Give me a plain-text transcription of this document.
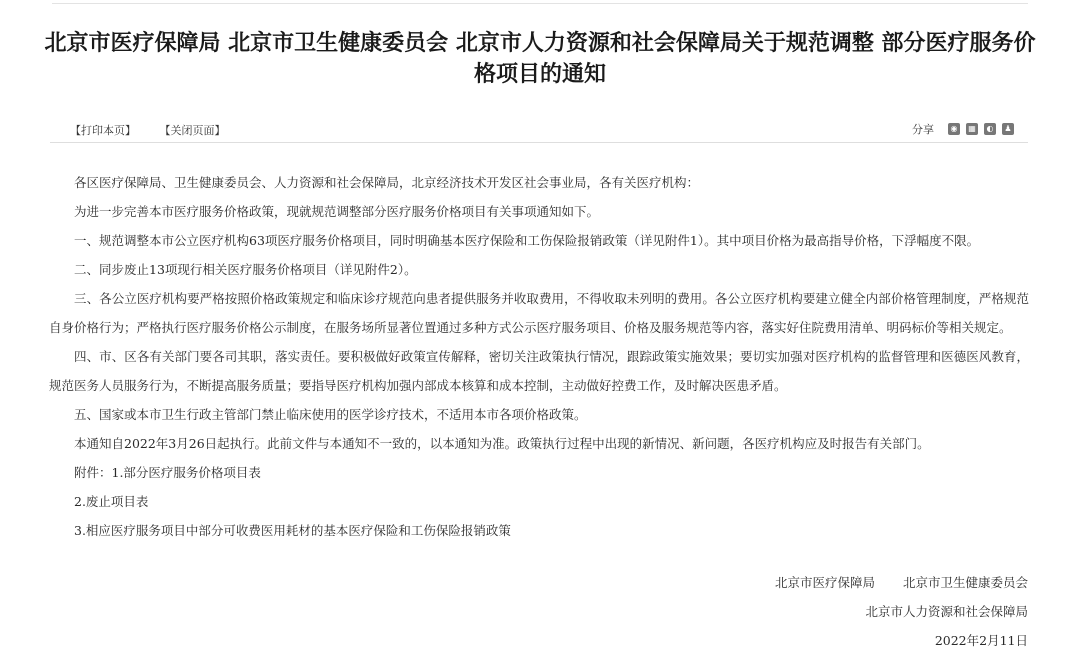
北京市医疗保障局 北京市卫生健康委员会 北京市人力资源和社会保障局关于规范调整 部分医疗服务价格项目的通知
【打印本页】 【关闭页面】	分享	◉	▦	◐	♟

各区医疗保障局、卫生健康委员会、人力资源和社会保障局，北京经济技术开发区社会事业局，各有关医疗机构：

为进一步完善本市医疗服务价格政策，现就规范调整部分医疗服务价格项目有关事项通知如下。

一、规范调整本市公立医疗机构63项医疗服务价格项目，同时明确基本医疗保险和工伤保险报销政策（详见附件1）。其中项目价格为最高指导价格，下浮幅度不限。

二、同步废止13项现行相关医疗服务价格项目（详见附件2）。

三、各公立医疗机构要严格按照价格政策规定和临床诊疗规范向患者提供服务并收取费用，不得收取未列明的费用。各公立医疗机构要建立健全内部价格管理制度，严格规范自身价格行为；严格执行医疗服务价格公示制度，在服务场所显著位置通过多种方式公示医疗服务项目、价格及服务规范等内容，落实好住院费用清单、明码标价等相关规定。

四、市、区各有关部门要各司其职，落实责任。要积极做好政策宣传解释，密切关注政策执行情况，跟踪政策实施效果；要切实加强对医疗机构的监督管理和医德医风教育，规范医务人员服务行为，不断提高服务质量；要指导医疗机构加强内部成本核算和成本控制，主动做好控费工作，及时解决医患矛盾。

五、国家或本市卫生行政主管部门禁止临床使用的医学诊疗技术，不适用本市各项价格政策。

本通知自2022年3月26日起执行。此前文件与本通知不一致的，以本通知为准。政策执行过程中出现的新情况、新问题，各医疗机构应及时报告有关部门。

附件：1.部分医疗服务价格项目表

2.废止项目表

3.相应医疗服务项目中部分可收费医用耗材的基本医疗保险和工伤保险报销政策

北京市医疗保障局 北京市卫生健康委员会
北京市人力资源和社会保障局
2022年2月11日
